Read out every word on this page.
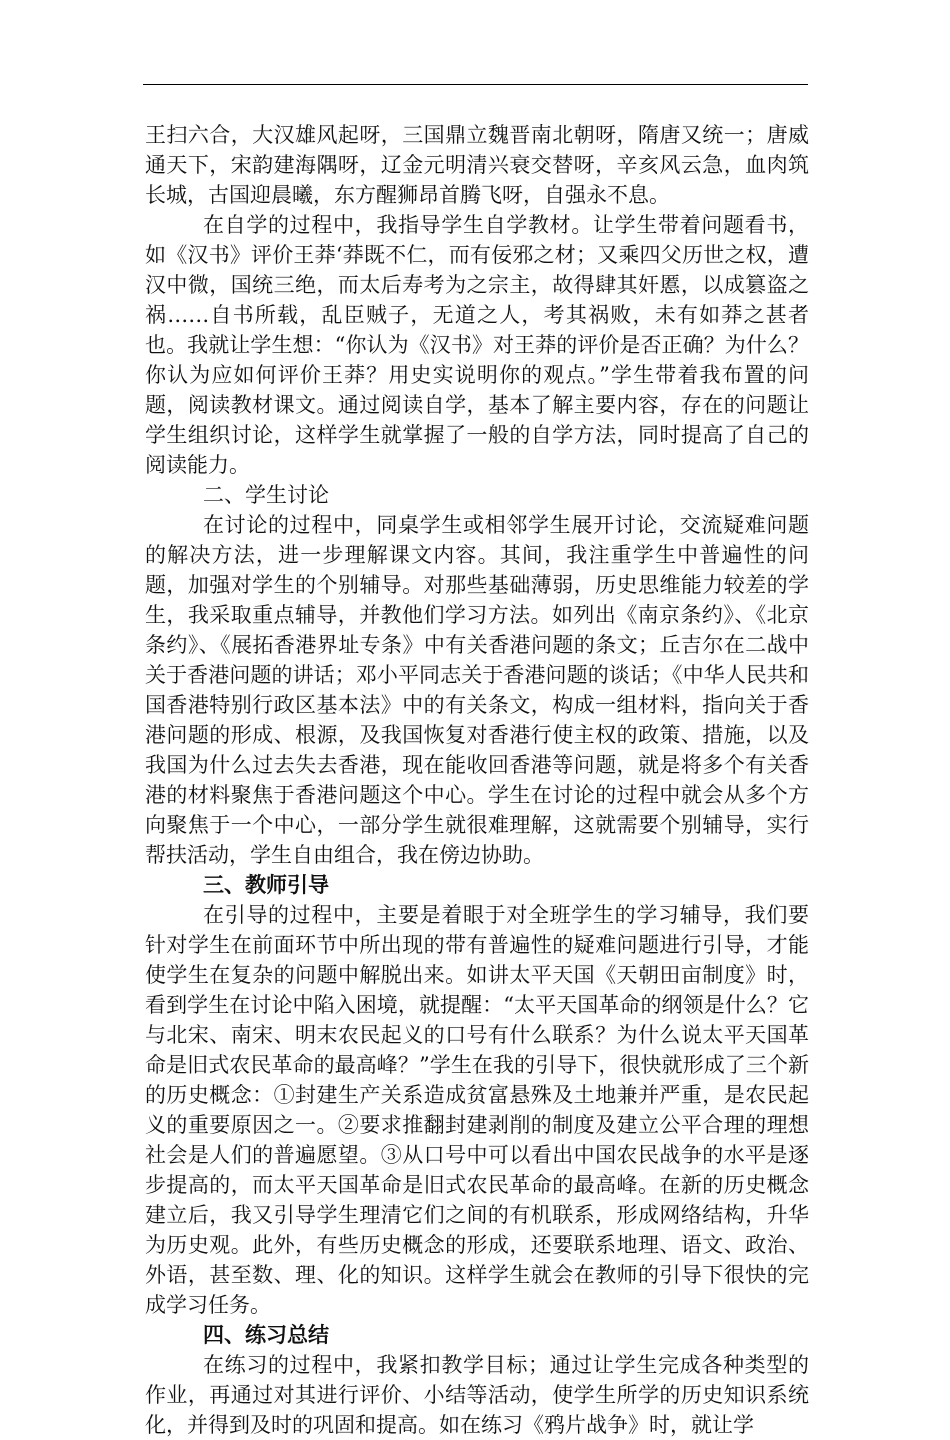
王扫六合，大汉雄风起呀，三国鼎立魏晋南北朝呀，隋唐又统一；唐威通天下，宋韵建海隅呀，辽金元明清兴衰交替呀，辛亥风云急，血肉筑长城，古国迎晨曦，东方醒狮昂首腾飞呀，自强永不息。

在自学的过程中，我指导学生自学教材。让学生带着问题看书，如《汉书》评价王莽‘莽既不仁，而有佞邪之材；又乘四父历世之权，遭汉中微，国统三绝，而太后寿考为之宗主，故得肆其奸慝，以成篡盗之祸……自书所载，乱臣贼子，无道之人，考其祸败，未有如莽之甚者也。我就让学生想：“你认为《汉书》对王莽的评价是否正确？为什么？你认为应如何评价王莽？用史实说明你的观点。”学生带着我布置的问题，阅读教材课文。通过阅读自学，基本了解主要内容，存在的问题让学生组织讨论，这样学生就掌握了一般的自学方法，同时提高了自己的阅读能力。

二、学生讨论

在讨论的过程中，同桌学生或相邻学生展开讨论，交流疑难问题的解决方法，进一步理解课文内容。其间，我注重学生中普遍性的问题，加强对学生的个别辅导。对那些基础薄弱，历史思维能力较差的学生，我采取重点辅导，并教他们学习方法。如列出《南京条约》、《北京条约》、《展拓香港界址专条》中有关香港问题的条文；丘吉尔在二战中关于香港问题的讲话；邓小平同志关于香港问题的谈话；《中华人民共和国香港特别行政区基本法》中的有关条文，构成一组材料，指向关于香港问题的形成、根源，及我国恢复对香港行使主权的政策、措施，以及我国为什么过去失去香港，现在能收回香港等问题，就是将多个有关香港的材料聚焦于香港问题这个中心。学生在讨论的过程中就会从多个方向聚焦于一个中心，一部分学生就很难理解，这就需要个别辅导，实行帮扶活动，学生自由组合，我在傍边协助。

三、教师引导

在引导的过程中，主要是着眼于对全班学生的学习辅导，我们要针对学生在前面环节中所出现的带有普遍性的疑难问题进行引导，才能使学生在复杂的问题中解脱出来。如讲太平天国《天朝田亩制度》时，看到学生在讨论中陷入困境，就提醒：“太平天国革命的纲领是什么？它与北宋、南宋、明末农民起义的口号有什么联系？为什么说太平天国革命是旧式农民革命的最高峰？”学生在我的引导下，很快就形成了三个新的历史概念：①封建生产关系造成贫富悬殊及土地兼并严重，是农民起义的重要原因之一。②要求推翻封建剥削的制度及建立公平合理的理想社会是人们的普遍愿望。③从口号中可以看出中国农民战争的水平是逐步提高的，而太平天国革命是旧式农民革命的最高峰。在新的历史概念建立后，我又引导学生理清它们之间的有机联系，形成网络结构，升华为历史观。此外，有些历史概念的形成，还要联系地理、语文、政治、外语，甚至数、理、化的知识。这样学生就会在教师的引导下很快的完成学习任务。

四、练习总结

在练习的过程中，我紧扣教学目标；通过让学生完成各种类型的作业，再通过对其进行评价、小结等活动，使学生所学的历史知识系统化，并得到及时的巩固和提高。如在练习《鸦片战争》时，就让学
